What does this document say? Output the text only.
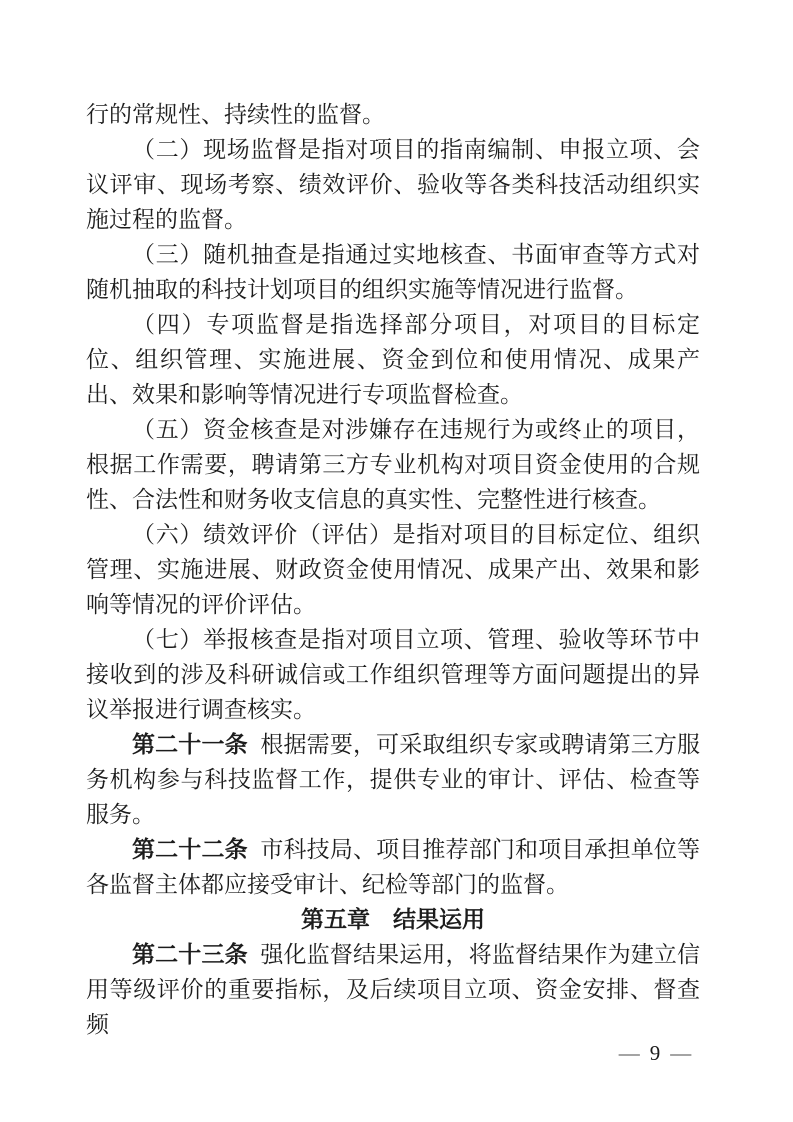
行的常规性、持续性的监督。

（二）现场监督是指对项目的指南编制、申报立项、会议评审、现场考察、绩效评价、验收等各类科技活动组织实施过程的监督。

（三）随机抽查是指通过实地核查、书面审查等方式对随机抽取的科技计划项目的组织实施等情况进行监督。

（四）专项监督是指选择部分项目，对项目的目标定位、组织管理、实施进展、资金到位和使用情况、成果产出、效果和影响等情况进行专项监督检查。

（五）资金核查是对涉嫌存在违规行为或终止的项目，根据工作需要，聘请第三方专业机构对项目资金使用的合规性、合法性和财务收支信息的真实性、完整性进行核查。

（六）绩效评价（评估）是指对项目的目标定位、组织管理、实施进展、财政资金使用情况、成果产出、效果和影响等情况的评价评估。

（七）举报核查是指对项目立项、管理、验收等环节中接收到的涉及科研诚信或工作组织管理等方面问题提出的异议举报进行调查核实。

第二十一条 根据需要，可采取组织专家或聘请第三方服务机构参与科技监督工作，提供专业的审计、评估、检查等服务。

第二十二条 市科技局、项目推荐部门和项目承担单位等各监督主体都应接受审计、纪检等部门的监督。

第五章　结果运用

第二十三条 强化监督结果运用，将监督结果作为建立信用等级评价的重要指标，及后续项目立项、资金安排、督查频

— 9 —
